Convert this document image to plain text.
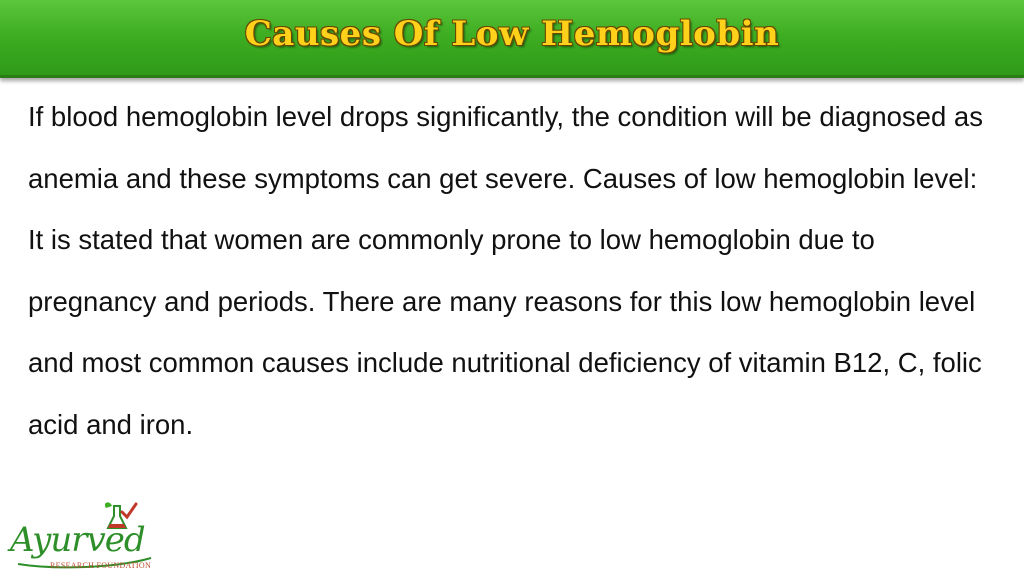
Causes Of Low Hemoglobin

If blood hemoglobin level drops significantly, the condition will be diagnosed as anemia and these symptoms can get severe. Causes of low hemoglobin level: It is stated that women are commonly prone to low hemoglobin due to pregnancy and periods. There are many reasons for this low hemoglobin level and most common causes include nutritional deficiency of vitamin B12, C, folic acid and iron.

Ayurved
RESEARCH FOUNDATION
